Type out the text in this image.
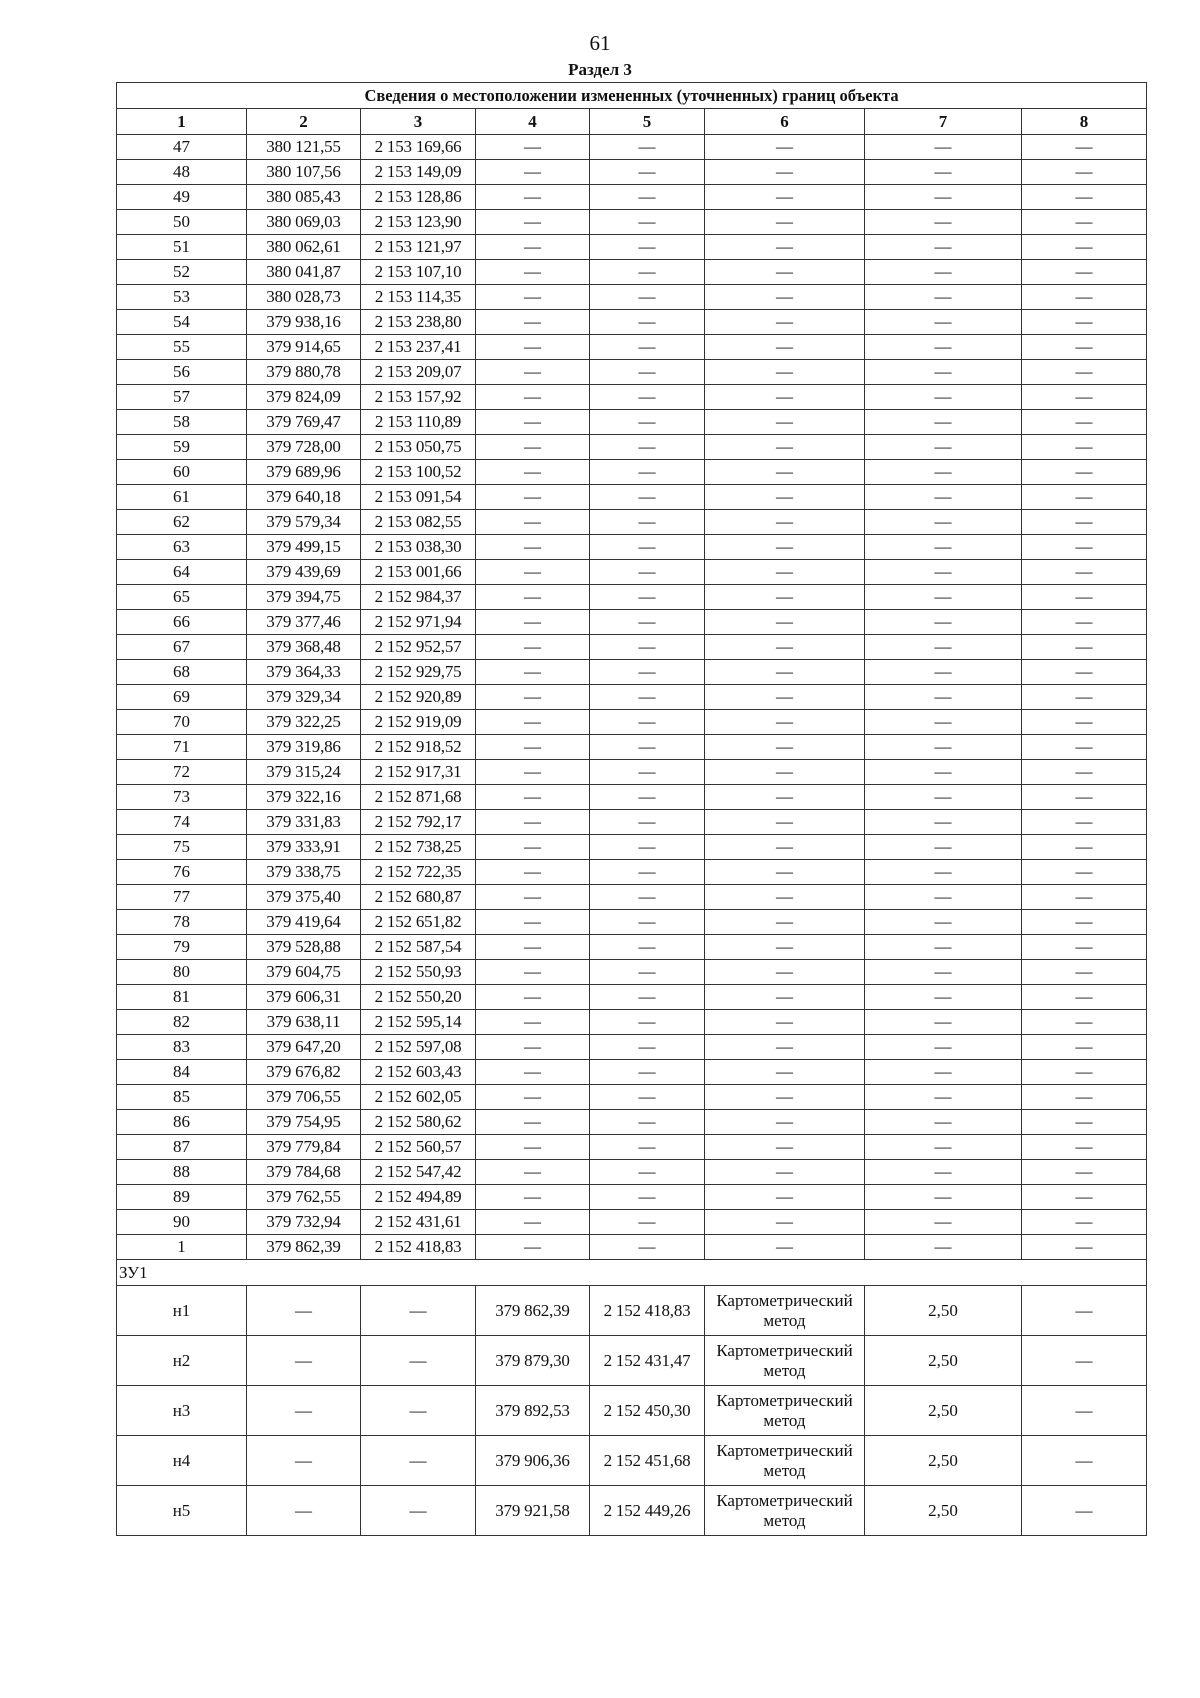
61
Раздел 3
Сведения о местоположении измененных (уточненных) границ объекта							
1	2	3	4	5	6	7	8
47	380 121,55	2 153 169,66	—	—	—	—	—
48	380 107,56	2 153 149,09	—	—	—	—	—
49	380 085,43	2 153 128,86	—	—	—	—	—
50	380 069,03	2 153 123,90	—	—	—	—	—
51	380 062,61	2 153 121,97	—	—	—	—	—
52	380 041,87	2 153 107,10	—	—	—	—	—
53	380 028,73	2 153 114,35	—	—	—	—	—
54	379 938,16	2 153 238,80	—	—	—	—	—
55	379 914,65	2 153 237,41	—	—	—	—	—
56	379 880,78	2 153 209,07	—	—	—	—	—
57	379 824,09	2 153 157,92	—	—	—	—	—
58	379 769,47	2 153 110,89	—	—	—	—	—
59	379 728,00	2 153 050,75	—	—	—	—	—
60	379 689,96	2 153 100,52	—	—	—	—	—
61	379 640,18	2 153 091,54	—	—	—	—	—
62	379 579,34	2 153 082,55	—	—	—	—	—
63	379 499,15	2 153 038,30	—	—	—	—	—
64	379 439,69	2 153 001,66	—	—	—	—	—
65	379 394,75	2 152 984,37	—	—	—	—	—
66	379 377,46	2 152 971,94	—	—	—	—	—
67	379 368,48	2 152 952,57	—	—	—	—	—
68	379 364,33	2 152 929,75	—	—	—	—	—
69	379 329,34	2 152 920,89	—	—	—	—	—
70	379 322,25	2 152 919,09	—	—	—	—	—
71	379 319,86	2 152 918,52	—	—	—	—	—
72	379 315,24	2 152 917,31	—	—	—	—	—
73	379 322,16	2 152 871,68	—	—	—	—	—
74	379 331,83	2 152 792,17	—	—	—	—	—
75	379 333,91	2 152 738,25	—	—	—	—	—
76	379 338,75	2 152 722,35	—	—	—	—	—
77	379 375,40	2 152 680,87	—	—	—	—	—
78	379 419,64	2 152 651,82	—	—	—	—	—
79	379 528,88	2 152 587,54	—	—	—	—	—
80	379 604,75	2 152 550,93	—	—	—	—	—
81	379 606,31	2 152 550,20	—	—	—	—	—
82	379 638,11	2 152 595,14	—	—	—	—	—
83	379 647,20	2 152 597,08	—	—	—	—	—
84	379 676,82	2 152 603,43	—	—	—	—	—
85	379 706,55	2 152 602,05	—	—	—	—	—
86	379 754,95	2 152 580,62	—	—	—	—	—
87	379 779,84	2 152 560,57	—	—	—	—	—
88	379 784,68	2 152 547,42	—	—	—	—	—
89	379 762,55	2 152 494,89	—	—	—	—	—
90	379 732,94	2 152 431,61	—	—	—	—	—
1	379 862,39	2 152 418,83	—	—	—	—	—
ЗУ1							
н1	—	—	379 862,39	2 152 418,83	Картометрический метод	2,50	—
н2	—	—	379 879,30	2 152 431,47	Картометрический метод	2,50	—
н3	—	—	379 892,53	2 152 450,30	Картометрический метод	2,50	—
н4	—	—	379 906,36	2 152 451,68	Картометрический метод	2,50	—
н5	—	—	379 921,58	2 152 449,26	Картометрический метод	2,50	—
